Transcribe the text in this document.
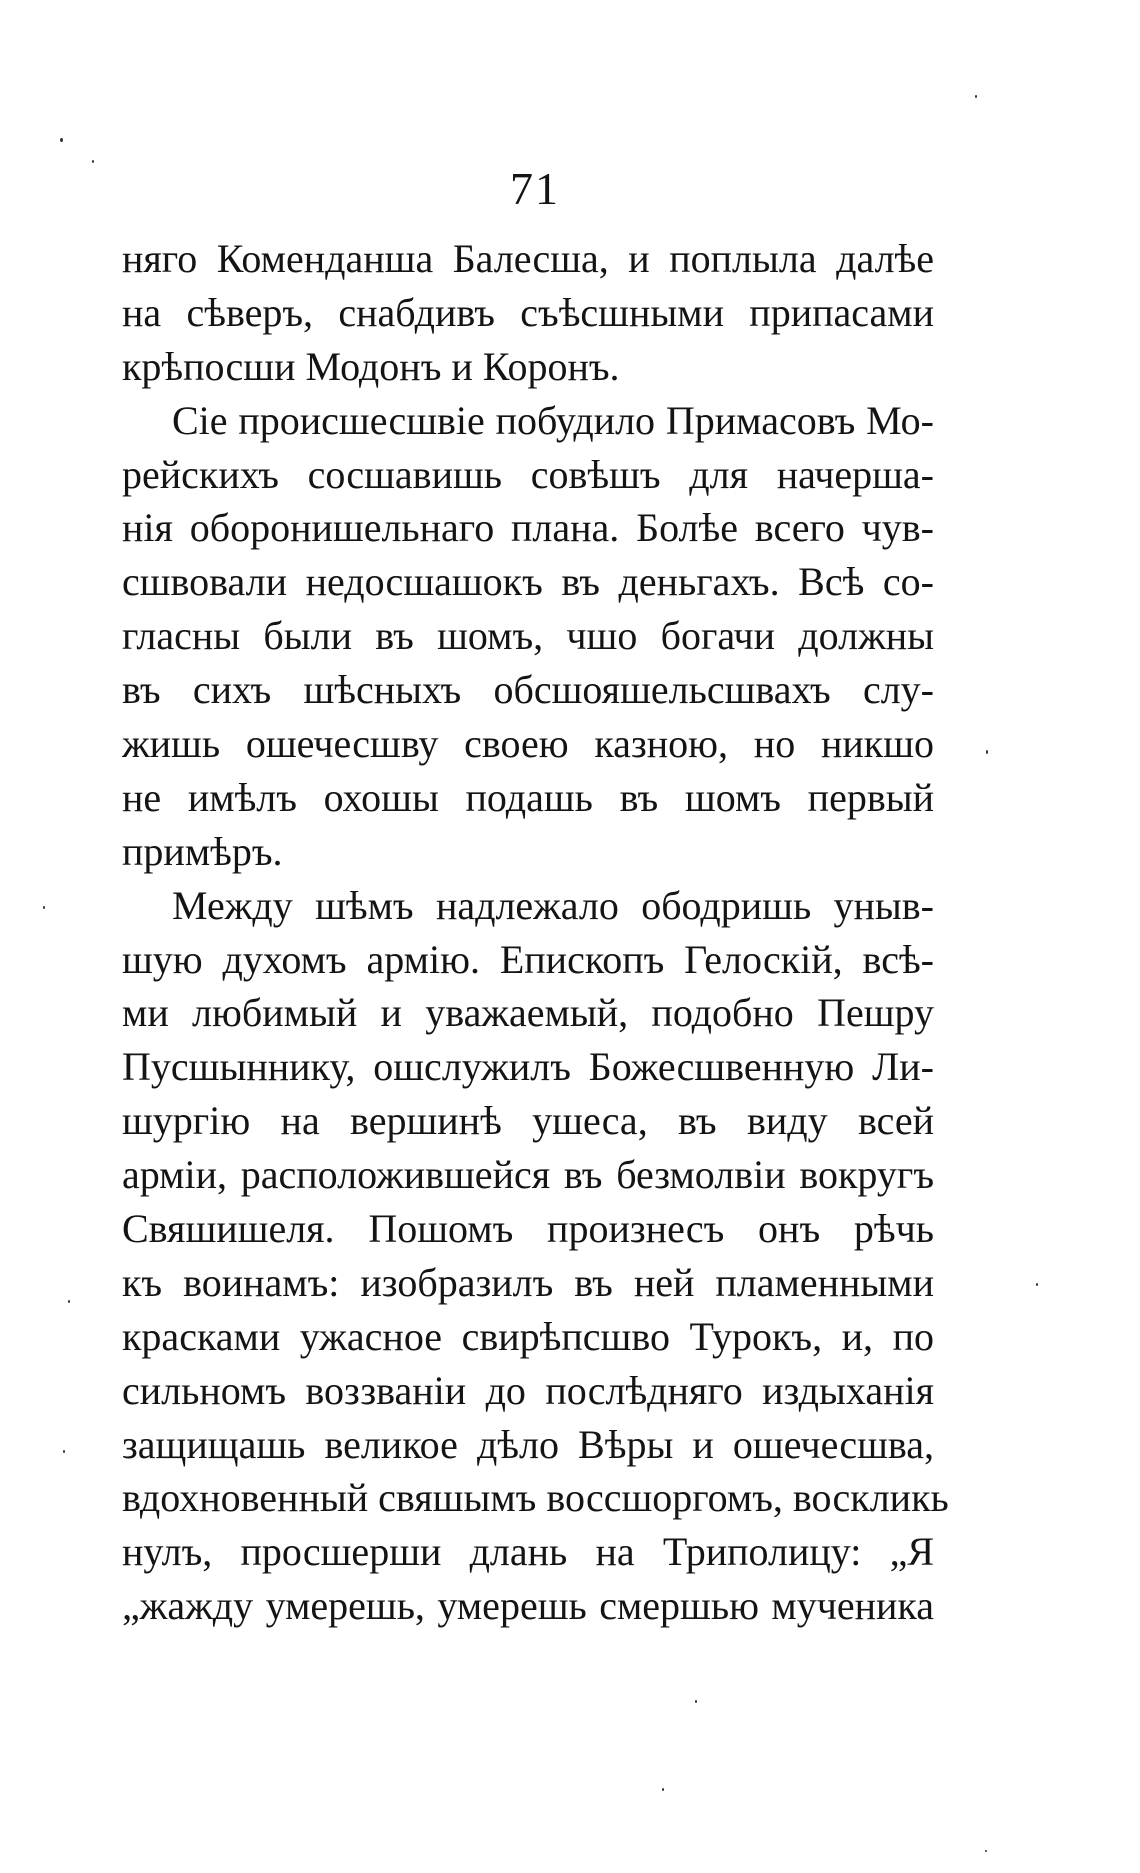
71
няго Коменданша Балесша, и поплыла далѣе
на сѣверъ, снабдивъ съѣсшными припасами
крѣпосши Модонъ и Коронъ.
Сіе происшесшвіе побудило Примасовъ Мо-
рейскихъ сосшавишь совѣшъ для начерша-
нія оборонишельнаго плана. Болѣе всего чув-
сшвовали недосшашокъ въ деньгахъ. Всѣ со-
гласны были въ шомъ, чшо богачи должны
въ сихъ шѣсныхъ обсшояшельсшвахъ слу-
жишь ошечесшву своею казною, но никшо
не имѣлъ охошы подашь въ шомъ первый
примѣръ.
Между шѣмъ надлежало ободришь уныв-
шую духомъ армію. Епископъ Гелоскій, всѣ-
ми любимый и уважаемый, подобно Пешру
Пусшыннику, ошслужилъ Божесшвенную Ли-
шургію на вершинѣ ушеса, въ виду всей
арміи, расположившейся въ безмолвіи вокругъ
Свяшишеля. Пошомъ произнесъ онъ рѣчь
къ воинамъ: изобразилъ въ ней пламенными
красками ужасное свирѣпсшво Турокъ, и, по
сильномъ воззваніи до послѣдняго издыханія
защищашь великое дѣло Вѣры и ошечесшва,
вдохновенный свяшымъ воссшоргомъ, воскликь
нулъ, просшерши длань на Триполицу: „Я
„жажду умерешь, умерешь смершью мученика
